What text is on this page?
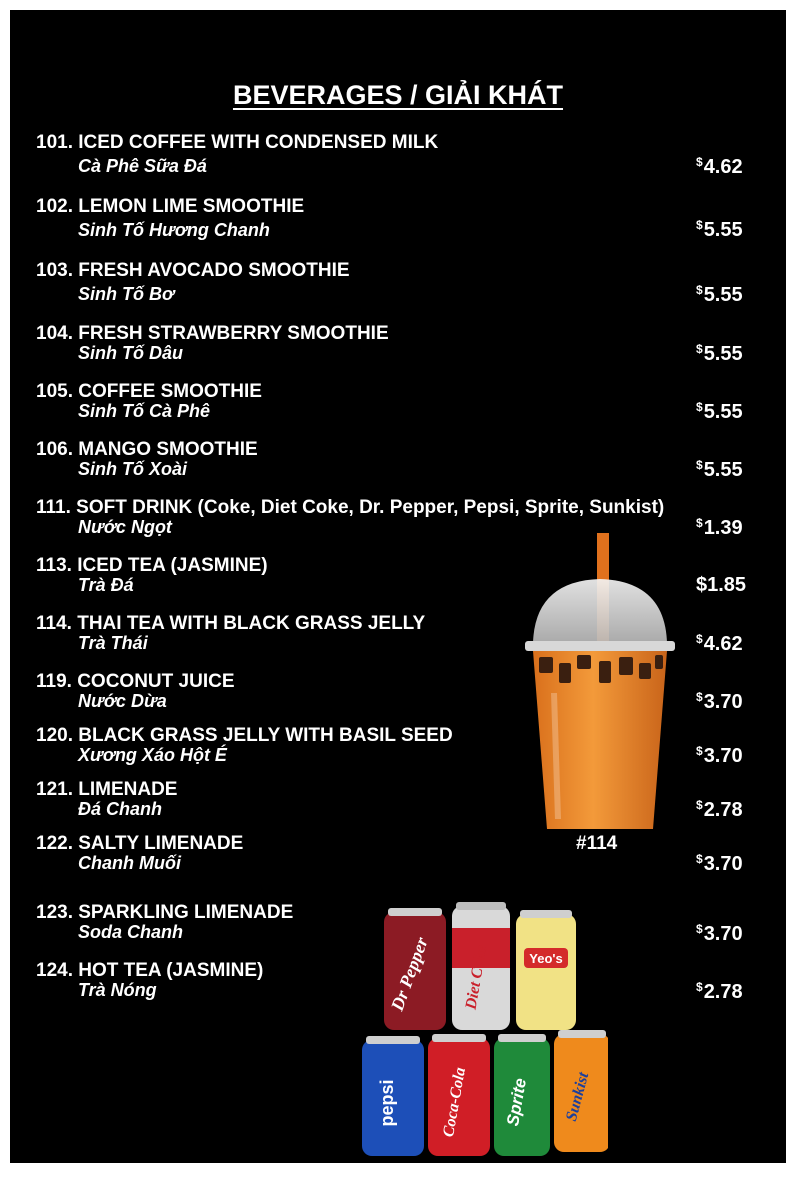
BEVERAGES / GIẢI KHÁT
101. ICED COFFEE WITH CONDENSED MILK
Cà Phê Sữa Đá	$4.62
102. LEMON LIME SMOOTHIE
Sinh Tố Hương Chanh	$5.55
103. FRESH AVOCADO SMOOTHIE
Sinh Tố Bơ	$5.55
104. FRESH STRAWBERRY SMOOTHIE
Sinh Tố Dâu	$5.55
105. COFFEE SMOOTHIE
Sinh Tố Cà Phê	$5.55
106. MANGO SMOOTHIE
Sinh Tố Xoài	$5.55
111. SOFT DRINK (Coke, Diet Coke, Dr. Pepper, Pepsi, Sprite, Sunkist)
Nước Ngọt	$1.39
113. ICED TEA (JASMINE)
Trà Đá	$1.85
114. THAI TEA WITH BLACK GRASS JELLY
Trà Thái	$4.62
119. COCONUT JUICE
Nước Dừa	$3.70
120. BLACK GRASS JELLY WITH BASIL SEED
Xương Xáo Hột É	$3.70
121. LIMENADE
Đá Chanh	$2.78
122. SALTY LIMENADE
Chanh Muối	$3.70
123. SPARKLING LIMENADE
Soda Chanh	$3.70
124. HOT TEA (JASMINE)
Trà Nóng	$2.78
#114
Dr Pepper Diet Coke	Yeo's
pepsi	Coca-Cola Sprite Sunkist
